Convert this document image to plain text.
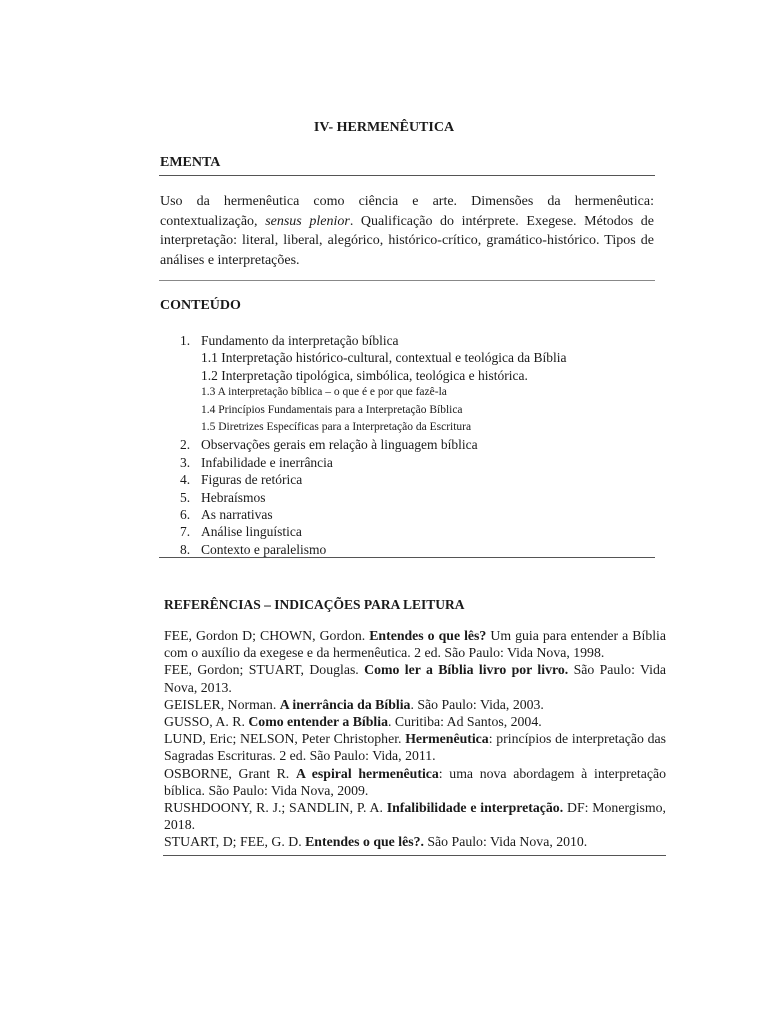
IV- HERMENÊUTICA
EMENTA
Uso da hermenêutica como ciência e arte. Dimensões da hermenêutica: contextualização, sensus plenior. Qualificação do intérprete. Exegese. Métodos de interpretação: literal, liberal, alegórico, histórico-crítico, gramático-histórico. Tipos de análises e interpretações.
CONTEÚDO
1. Fundamento da interpretação bíblica
1.1 Interpretação histórico-cultural, contextual e teológica da Bíblia
1.2 Interpretação tipológica, simbólica, teológica e histórica.
1.3 A interpretação bíblica – o que é e por que fazê-la
1.4 Princípios Fundamentais para a Interpretação Bíblica
1.5 Diretrizes Específicas para a Interpretação da Escritura
2. Observações gerais em relação à linguagem bíblica
3. Infabilidade e inerrância
4. Figuras de retórica
5. Hebraísmos
6. As narrativas
7. Análise linguística
8. Contexto e paralelismo
REFERÊNCIAS – INDICAÇÕES PARA LEITURA
FEE, Gordon D; CHOWN, Gordon. Entendes o que lês? Um guia para entender a Bíblia com o auxílio da exegese e da hermenêutica. 2 ed. São Paulo: Vida Nova, 1998.
FEE, Gordon; STUART, Douglas. Como ler a Bíblia livro por livro. São Paulo: Vida Nova, 2013.
GEISLER, Norman. A inerrância da Bíblia. São Paulo: Vida, 2003.
GUSSO, A. R. Como entender a Bíblia. Curitiba: Ad Santos, 2004.
LUND, Eric; NELSON, Peter Christopher. Hermenêutica: princípios de interpretação das Sagradas Escrituras. 2 ed. São Paulo: Vida, 2011.
OSBORNE, Grant R. A espiral hermenêutica: uma nova abordagem à interpretação bíblica. São Paulo: Vida Nova, 2009.
RUSHDOONY, R. J.; SANDLIN, P. A. Infalibilidade e interpretação. DF: Monergismo, 2018.
STUART, D; FEE, G. D. Entendes o que lês?. São Paulo: Vida Nova, 2010.
